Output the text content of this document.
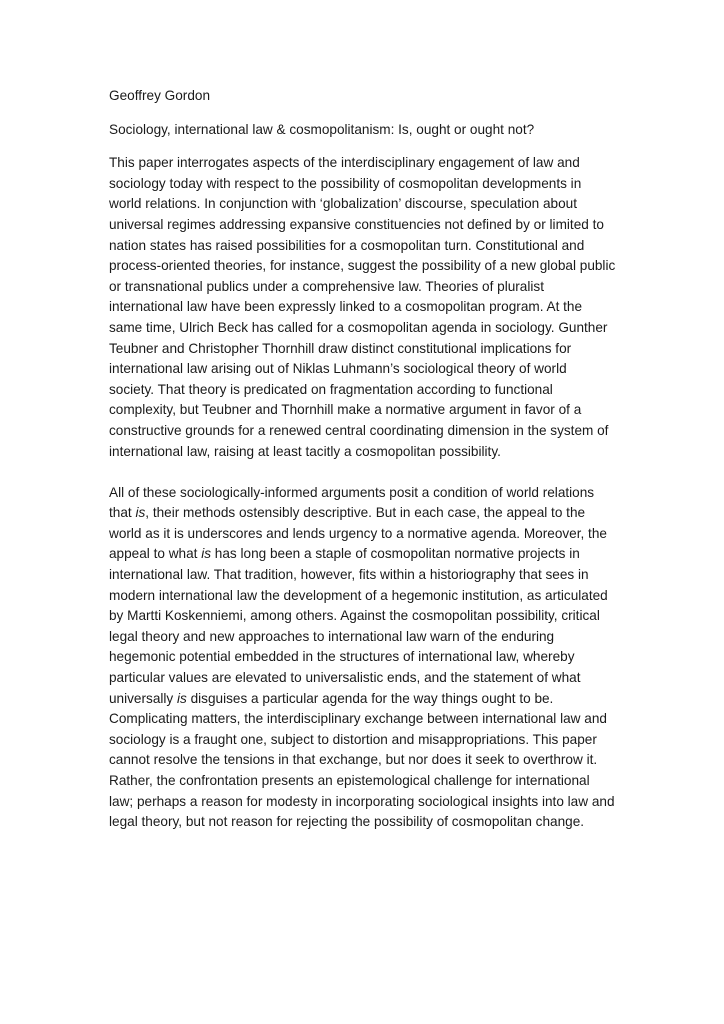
Geoffrey Gordon
Sociology, international law & cosmopolitanism: Is, ought or ought not?
This paper interrogates aspects of the interdisciplinary engagement of law and
sociology today with respect to the possibility of cosmopolitan developments in
world relations. In conjunction with ‘globalization’ discourse, speculation about
universal regimes addressing expansive constituencies not defined by or limited to
nation states has raised possibilities for a cosmopolitan turn. Constitutional and
process-oriented theories, for instance, suggest the possibility of a new global public
or transnational publics under a comprehensive law. Theories of pluralist
international law have been expressly linked to a cosmopolitan program. At the
same time, Ulrich Beck has called for a cosmopolitan agenda in sociology. Gunther
Teubner and Christopher Thornhill draw distinct constitutional implications for
international law arising out of Niklas Luhmann’s sociological theory of world
society. That theory is predicated on fragmentation according to functional
complexity, but Teubner and Thornhill make a normative argument in favor of a
constructive grounds for a renewed central coordinating dimension in the system of
international law, raising at least tacitly a cosmopolitan possibility.
All of these sociologically-informed arguments posit a condition of world relations
that is, their methods ostensibly descriptive. But in each case, the appeal to the
world as it is underscores and lends urgency to a normative agenda. Moreover, the
appeal to what is has long been a staple of cosmopolitan normative projects in
international law. That tradition, however, fits within a historiography that sees in
modern international law the development of a hegemonic institution, as articulated
by Martti Koskenniemi, among others. Against the cosmopolitan possibility, critical
legal theory and new approaches to international law warn of the enduring
hegemonic potential embedded in the structures of international law, whereby
particular values are elevated to universalistic ends, and the statement of what
universally is disguises a particular agenda for the way things ought to be.
Complicating matters, the interdisciplinary exchange between international law and
sociology is a fraught one, subject to distortion and misappropriations. This paper
cannot resolve the tensions in that exchange, but nor does it seek to overthrow it.
Rather, the confrontation presents an epistemological challenge for international
law; perhaps a reason for modesty in incorporating sociological insights into law and
legal theory, but not reason for rejecting the possibility of cosmopolitan change.
